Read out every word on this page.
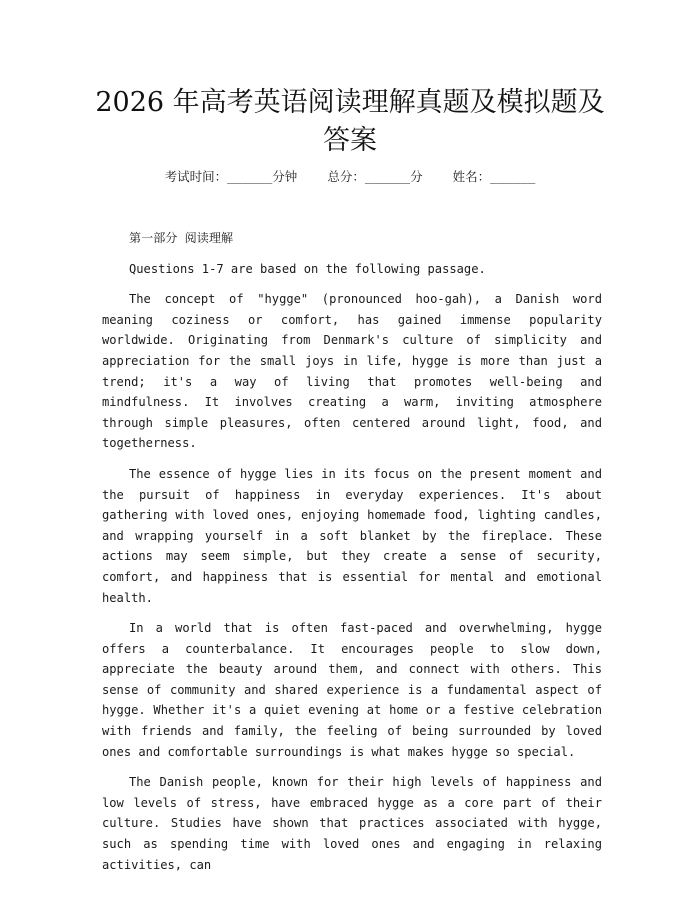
2026 年高考英语阅读理解真题及模拟题及答案
考试时间：______分钟    总分：______分    姓名：______
第一部分 阅读理解

Questions 1-7 are based on the following passage.

The concept of "hygge" (pronounced hoo-gah), a Danish word meaning coziness or comfort, has gained immense popularity worldwide. Originating from Denmark's culture of simplicity and appreciation for the small joys in life, hygge is more than just a trend; it's a way of living that promotes well-being and mindfulness. It involves creating a warm, inviting atmosphere through simple pleasures, often centered around light, food, and togetherness.

The essence of hygge lies in its focus on the present moment and the pursuit of happiness in everyday experiences. It's about gathering with loved ones, enjoying homemade food, lighting candles, and wrapping yourself in a soft blanket by the fireplace. These actions may seem simple, but they create a sense of security, comfort, and happiness that is essential for mental and emotional health.

In a world that is often fast-paced and overwhelming, hygge offers a counterbalance. It encourages people to slow down, appreciate the beauty around them, and connect with others. This sense of community and shared experience is a fundamental aspect of hygge. Whether it's a quiet evening at home or a festive celebration with friends and family, the feeling of being surrounded by loved ones and comfortable surroundings is what makes hygge so special.

The Danish people, known for their high levels of happiness and low levels of stress, have embraced hygge as a core part of their culture. Studies have shown that practices associated with hygge, such as spending time with loved ones and engaging in relaxing activities, can
